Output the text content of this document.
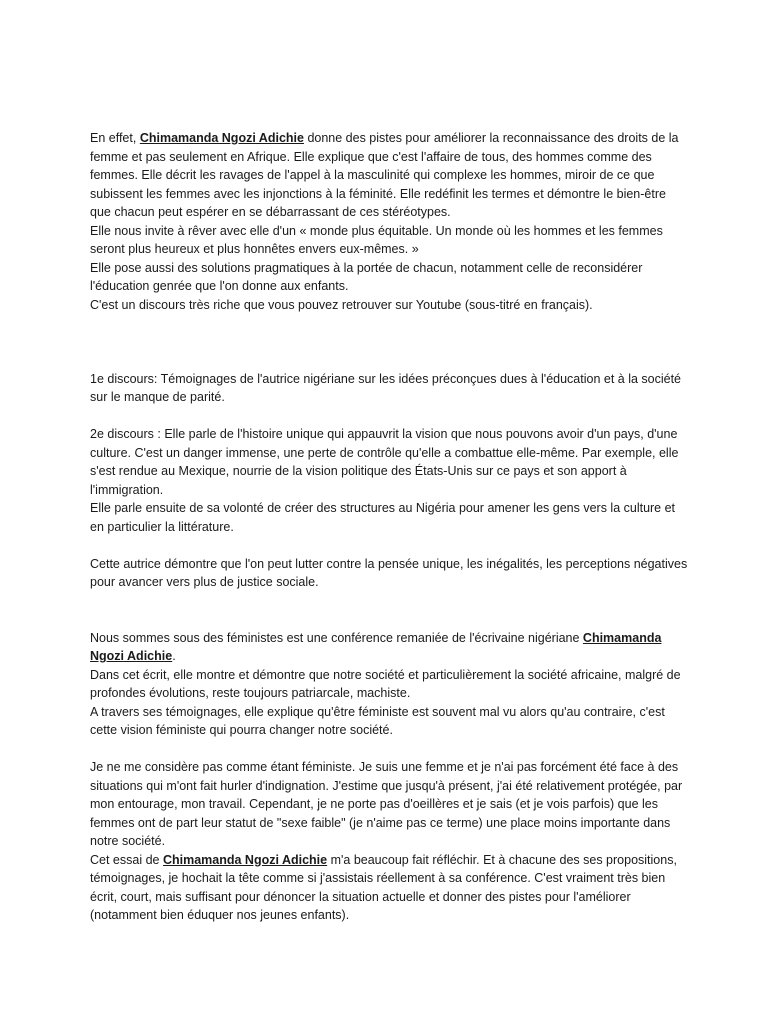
En effet, Chimamanda Ngozi Adichie donne des pistes pour améliorer la reconnaissance des droits de la femme et pas seulement en Afrique. Elle explique que c'est l'affaire de tous, des hommes comme des femmes. Elle décrit les ravages de l'appel à la masculinité qui complexe les hommes, miroir de ce que subissent les femmes avec les injonctions à la féminité. Elle redéfinit les termes et démontre le bien-être que chacun peut espérer en se débarrassant de ces stéréotypes.

Elle nous invite à rêver avec elle d'un « monde plus équitable. Un monde où les hommes et les femmes seront plus heureux et plus honnêtes envers eux-mêmes. »

Elle pose aussi des solutions pragmatiques à la portée de chacun, notamment celle de reconsidérer l'éducation genrée que l'on donne aux enfants.

C'est un discours très riche que vous pouvez retrouver sur Youtube (sous-titré en français).

1e discours: Témoignages de l'autrice nigériane sur les idées préconçues dues à l'éducation et à la société sur le manque de parité.

2e discours : Elle parle de l'histoire unique qui appauvrit la vision que nous pouvons avoir d'un pays, d'une culture. C'est un danger immense, une perte de contrôle qu'elle a combattue elle-même. Par exemple, elle s'est rendue au Mexique, nourrie de la vision politique des États-Unis sur ce pays et son apport à l'immigration.

Elle parle ensuite de sa volonté de créer des structures au Nigéria pour amener les gens vers la culture et en particulier la littérature.

Cette autrice démontre que l'on peut lutter contre la pensée unique, les inégalités, les perceptions négatives pour avancer vers plus de justice sociale.

Nous sommes sous des féministes est une conférence remaniée de l'écrivaine nigériane Chimamanda Ngozi Adichie.

Dans cet écrit, elle montre et démontre que notre société et particulièrement la société africaine, malgré de profondes évolutions, reste toujours patriarcale, machiste.

A travers ses témoignages, elle explique qu'être féministe est souvent mal vu alors qu'au contraire, c'est cette vision féministe qui pourra changer notre société.

Je ne me considère pas comme étant féministe. Je suis une femme et je n'ai pas forcément été face à des situations qui m'ont fait hurler d'indignation. J'estime que jusqu'à présent, j'ai été relativement protégée, par mon entourage, mon travail. Cependant, je ne porte pas d'oeillères et je sais (et je vois parfois) que les femmes ont de part leur statut de "sexe faible" (je n'aime pas ce terme) une place moins importante dans notre société.

Cet essai de Chimamanda Ngozi Adichie m'a beaucoup fait réfléchir. Et à chacune des ses propositions, témoignages, je hochait la tête comme si j'assistais réellement à sa conférence. C'est vraiment très bien écrit, court, mais suffisant pour dénoncer la situation actuelle et donner des pistes pour l'améliorer (notamment bien éduquer nos jeunes enfants).
